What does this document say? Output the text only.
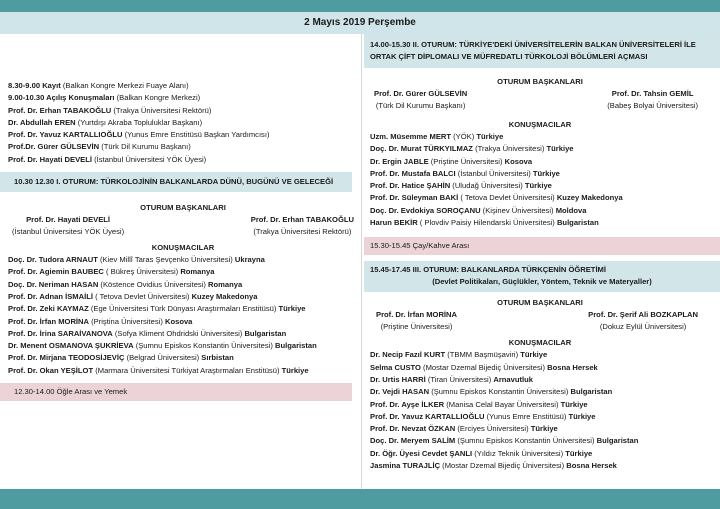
2 Mayıs 2019 Perşembe
8.30-9.00 Kayıt (Balkan Kongre Merkezi Fuaye Alanı)
9.00-10.30 Açılış Konuşmaları (Balkan Kongre Merkezi)
Prof. Dr. Erhan TABAKOĞLU (Trakya Üniversitesi Rektörü)
Dr. Abdullah EREN (Yurtdışı Akraba Topluluklar Başkanı)
Prof. Dr. Yavuz KARTALLIOĞLU (Yunus Emre Enstitüsü Başkan Yardımcısı)
Prof.Dr. Gürer GÜLSEVİN (Türk Dil Kurumu Başkanı)
Prof. Dr. Hayati DEVELİ (İstanbul Üniversitesi YÖK Üyesi)
10.30 12.30 I. OTURUM: TÜRKOLOJİNİN BALKANLARDA DÜNÜ, BUGÜNÜ VE GELECEĞİ
OTURUM BAŞKANLARI
Prof. Dr. Hayati DEVELİ
(İstanbul Üniversitesi YÖK Üyesi)
Prof. Dr. Erhan TABAKOĞLU
(Trakya Üniversitesi Rektörü)
KONUŞMACILAR
Doç. Dr. Tudora ARNAUT (Kiev Millî Taras Şevçenko Üniversitesi) Ukrayna
Prof. Dr. Agiemin BAUBEC ( Bükreş Üniversitesi) Romanya
Doç. Dr. Neriman HASAN (Köstence Ovidius Üniversitesi) Romanya
Prof. Dr. Adnan İSMAİLİ ( Tetova Devlet Üniversitesi) Kuzey Makedonya
Prof. Dr. Zeki KAYMAZ (Ege Üniversitesi Türk Dünyası Araştırmaları Enstitüsü) Türkiye
Prof. Dr. İrfan MORİNA (Priştina Üniversitesi) Kosova
Prof. Dr. İrina SARAİVANOVA (Sofya Kliment Ohdridski Üniversitesi) Bulgaristan
Dr. Menent OSMANOVA ŞUKRİEVA (Şumnu Episkos Konstantin Üniversitesi) Bulgaristan
Prof. Dr. Mirjana TEODOSİJEVİÇ (Belgrad Üniversitesi) Sırbistan
Prof. Dr. Okan YEŞİLOT (Marmara Üniversitesi Türkiyat Araştırmaları Enstitüsü) Türkiye
12.30-14.00 Öğle Arası ve Yemek
14.00-15.30 II. OTURUM: TÜRKİYE'DEKİ ÜNİVERSİTELERİN BALKAN ÜNİVERSİTELERİ İLE
ORTAK ÇİFT DİPLOMALI VE MÜFREDATLI TÜRKOLOJİ BÖLÜMLERİ AÇMASI
OTURUM BAŞKANLARI
Prof. Dr. Gürer GÜLSEVİN
(Türk Dil Kurumu Başkanı)
Prof. Dr. Tahsin GEMİL
(Babeş Bolyai Üniversitesi)
KONUŞMACILAR
Uzm. Müsemme MERT (YÖK) Türkiye
Doç. Dr. Murat TÜRKYILMAZ (Trakya Üniversitesi) Türkiye
Dr. Ergin JABLE (Priştine Üniversitesi) Kosova
Prof. Dr. Mustafa BALCI (İstanbul Üniversitesi) Türkiye
Prof. Dr. Hatice ŞAHİN (Uludağ Üniversitesi) Türkiye
Prof. Dr. Süleyman BAKİ ( Tetova Devlet Üniversitesi) Kuzey Makedonya
Doç. Dr. Evdokiya SOROÇANU (Kişinev Üniversitesi) Moldova
Harun BEKİR ( Plovdiv Paisiy Hilendarski Üniversitesi) Bulgaristan
15.30-15.45 Çay/Kahve Arası
15.45-17.45 III. OTURUM: BALKANLARDA TÜRKÇENİN ÖĞRETİMİ
(Devlet Politikaları, Güçlükler, Yöntem, Teknik ve Materyaller)
OTURUM BAŞKANLARI
Prof. Dr. İrfan MORİNA
(Priştine Üniversitesi)
Prof. Dr. Şerif Ali BOZKAPLAN
(Dokuz Eylül Üniversitesi)
KONUŞMACILAR
Dr. Necip Fazıl KURT (TBMM Başmüşaviri) Türkiye
Selma CUSTO (Mostar Dzemal Bijediç Üniversitesi) Bosna Hersek
Dr. Urtis HARRİ (Tiran Üniversitesi) Arnavutluk
Dr. Vejdi HASAN (Şumnu Episkos Konstantin Üniversitesi) Bulgaristan
Prof. Dr. Ayşe İLKER (Manisa Celal Bayar Üniversitesi) Türkiye
Prof. Dr. Yavuz KARTALLIOĞLU (Yunus Emre Enstitüsü) Türkiye
Prof. Dr. Nevzat ÖZKAN (Erciyes Üniversitesi) Türkiye
Doç. Dr. Meryem SALİM (Şumnu Episkos Konstantin Üniversitesi) Bulgaristan
Dr. Öğr. Üyesi Cevdet ŞANLI (Yıldız Teknik Üniversitesi) Türkiye
Jasmina TURAJLİÇ (Mostar Dzemal Bijediç Üniversitesi) Bosna Hersek
